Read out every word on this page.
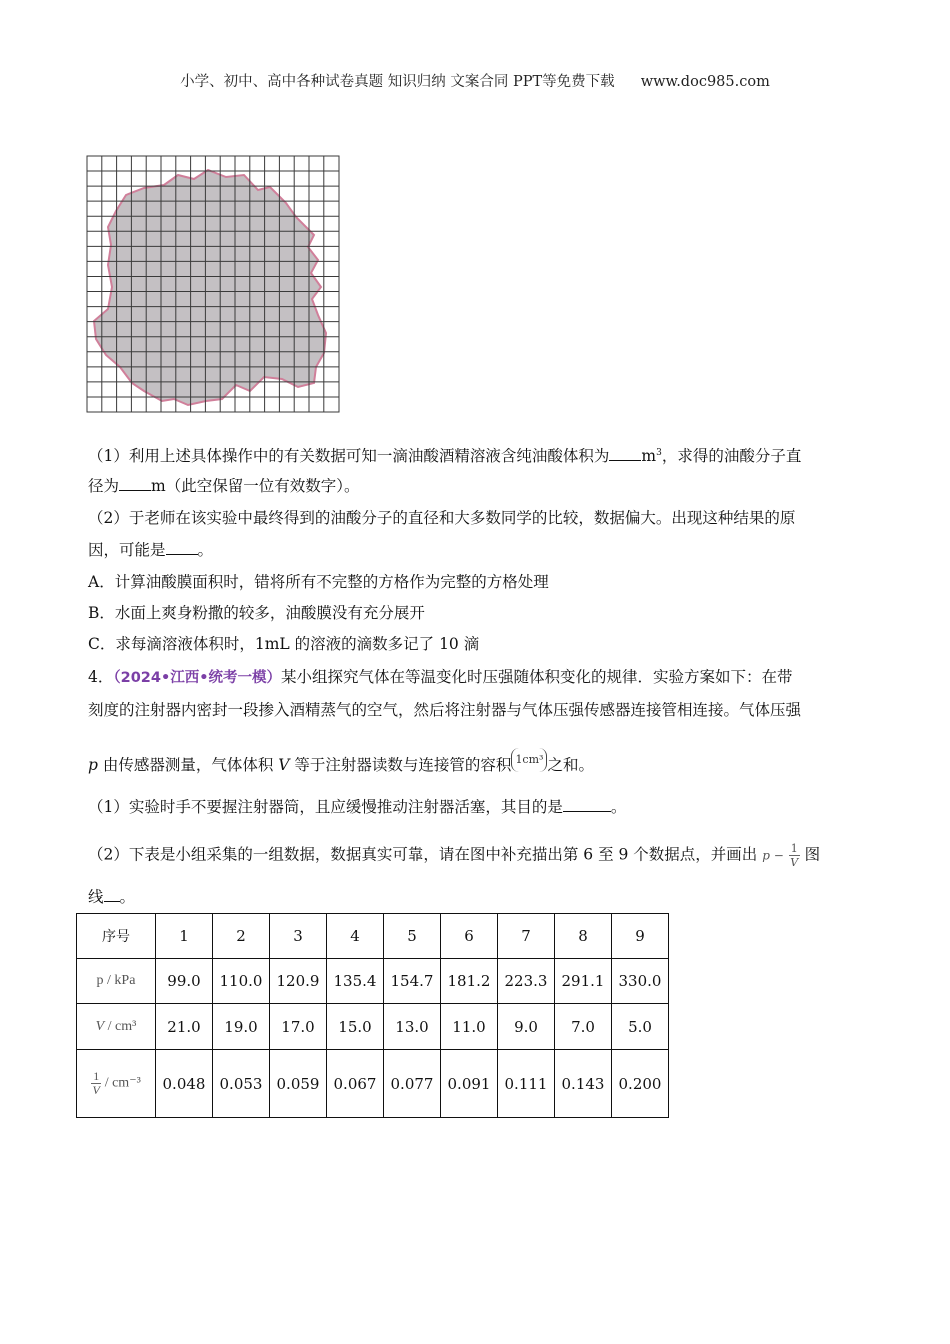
小学、初中、高中各种试卷真题 知识归纳 文案合同 PPT等免费下载 www.doc985.com
（1）利用上述具体操作中的有关数据可知一滴油酸酒精溶液含纯油酸体积为 $m^3$，求得的油酸分子直
径为 m（此空保留一位有效数字）。
（2）于老师在该实验中最终得到的油酸分子的直径和大多数同学的比较，数据偏大。出现这种结果的原
因，可能是 。
A．计算油酸膜面积时，错将所有不完整的方格作为完整的方格处理
B．水面上爽身粉撒的较多，油酸膜没有充分展开
C．求每滴溶液体积时，1mL 的溶液的滴数多记了 10 滴
4．（2024•江西•统考一模）某小组探究气体在等温变化时压强随体积变化的规律．实验方案如下：在带
刻度的注射器内密封一段掺入酒精蒸气的空气，然后将注射器与气体压强传感器连接管相连接。气体压强
p 由传感器测量，气体体积 V 等于注射器读数与连接管的容积 1cm³ 之和。
（1）实验时手不要握注射器筒，且应缓慢推动注射器活塞，其目的是	。
（2）下表是小组采集的一组数据，数据真实可靠，请在图中补充描出第 6 至 9 个数据点，并画出 $p - \frac{1}{V}$ 图
线 。
序号	1	2	3	4	5	6	7	8	9
p / kPa	99.0	110.0	120.9	135.4	154.7	181.2	223.3	291.1	330.0
V / cm³	21.0	19.0	17.0	15.0	13.0	11.0	9.0	7.0	5.0

$\frac{1}{V} / cm^{-3}$	0.048	0.053	0.059	0.067	0.077	0.091	0.111	0.143	0.200
